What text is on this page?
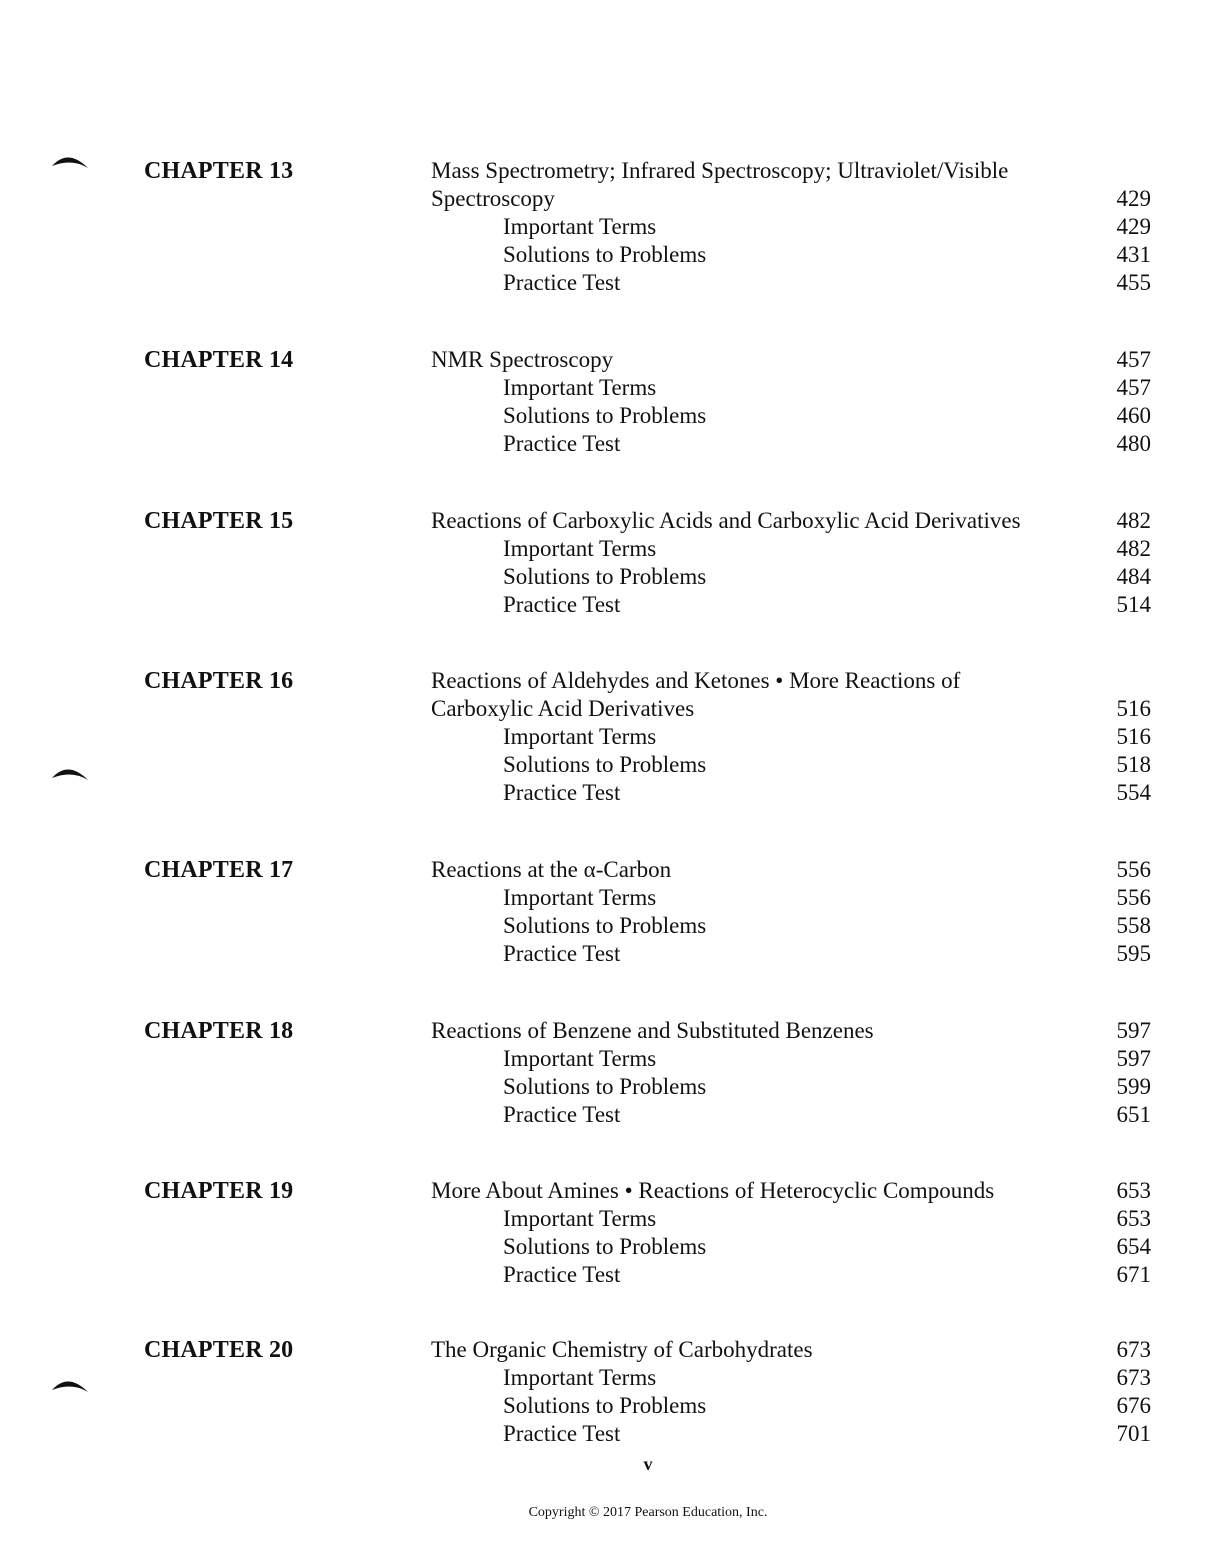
CHAPTER 13	Mass Spectrometry; Infrared Spectroscopy; Ultraviolet/Visible
Spectroscopy	429
Important Terms	429
Solutions to Problems	431
Practice Test	455
CHAPTER 14	NMR Spectroscopy	457
Important Terms	457
Solutions to Problems	460
Practice Test	480
CHAPTER 15	Reactions of Carboxylic Acids and Carboxylic Acid Derivatives	482
Important Terms	482
Solutions to Problems	484
Practice Test	514
CHAPTER 16	Reactions of Aldehydes and Ketones • More Reactions of
Carboxylic Acid Derivatives	516
Important Terms	516
Solutions to Problems	518
Practice Test	554
CHAPTER 17	Reactions at the α-Carbon	556
Important Terms	556
Solutions to Problems	558
Practice Test	595
CHAPTER 18	Reactions of Benzene and Substituted Benzenes	597
Important Terms	597
Solutions to Problems	599
Practice Test	651
CHAPTER 19	More About Amines • Reactions of Heterocyclic Compounds	653
Important Terms	653
Solutions to Problems	654
Practice Test	671
CHAPTER 20	The Organic Chemistry of Carbohydrates	673
Important Terms	673
Solutions to Problems	676
Practice Test	701
v
Copyright © 2017 Pearson Education, Inc.
